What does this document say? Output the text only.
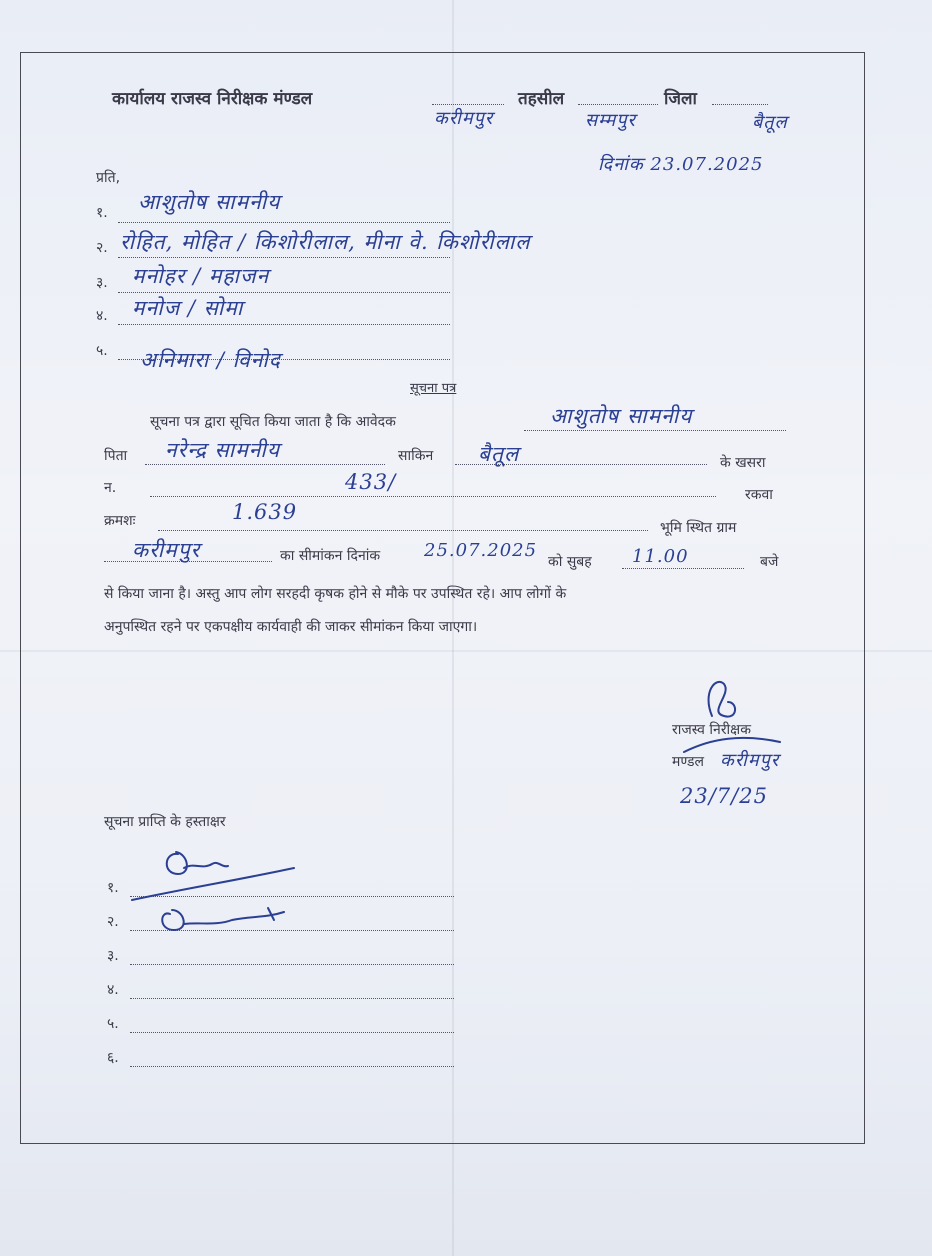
कार्यालय राजस्व निरीक्षक मंण्डल	तहसील	जिला
करीमपुर	सम्मपुर	बैतूल
दिनांक 23.07.2025
प्रति,
१. आशुतोष सामनीय
२. रोहित, मोहित / किशोरीलाल, मीना वे. किशोरीलाल
३. मनोहर / महाजन
४. मनोज / सोमा
५. अनिमारा / विनोद
सूचना पत्र
सूचना पत्र द्वारा सूचित किया जाता है कि आवेदक	आशुतोष सामनीय
पिता नरेन्द्र सामनीय	साकिन बैतूल	के खसरा
न.	433/
रकवा
क्रमशः	1.639
भूमि स्थित ग्राम
करीमपुर	का सीमांकन दिनांक 25.07.2025
को सुबह 11.00	बजे
से किया जाना है। अस्तु आप लोग सरहदी कृषक होने से मौके पर उपस्थित रहे। आप लोगों के
अनुपस्थित रहने पर एकपक्षीय कार्यवाही की जाकर सीमांकन किया जाएगा।
राजस्व निरीक्षक
मण्डल करीमपुर
23/7/25
सूचना प्राप्ति के हस्ताक्षर
१.
२.
३.
४.
५.
६.
